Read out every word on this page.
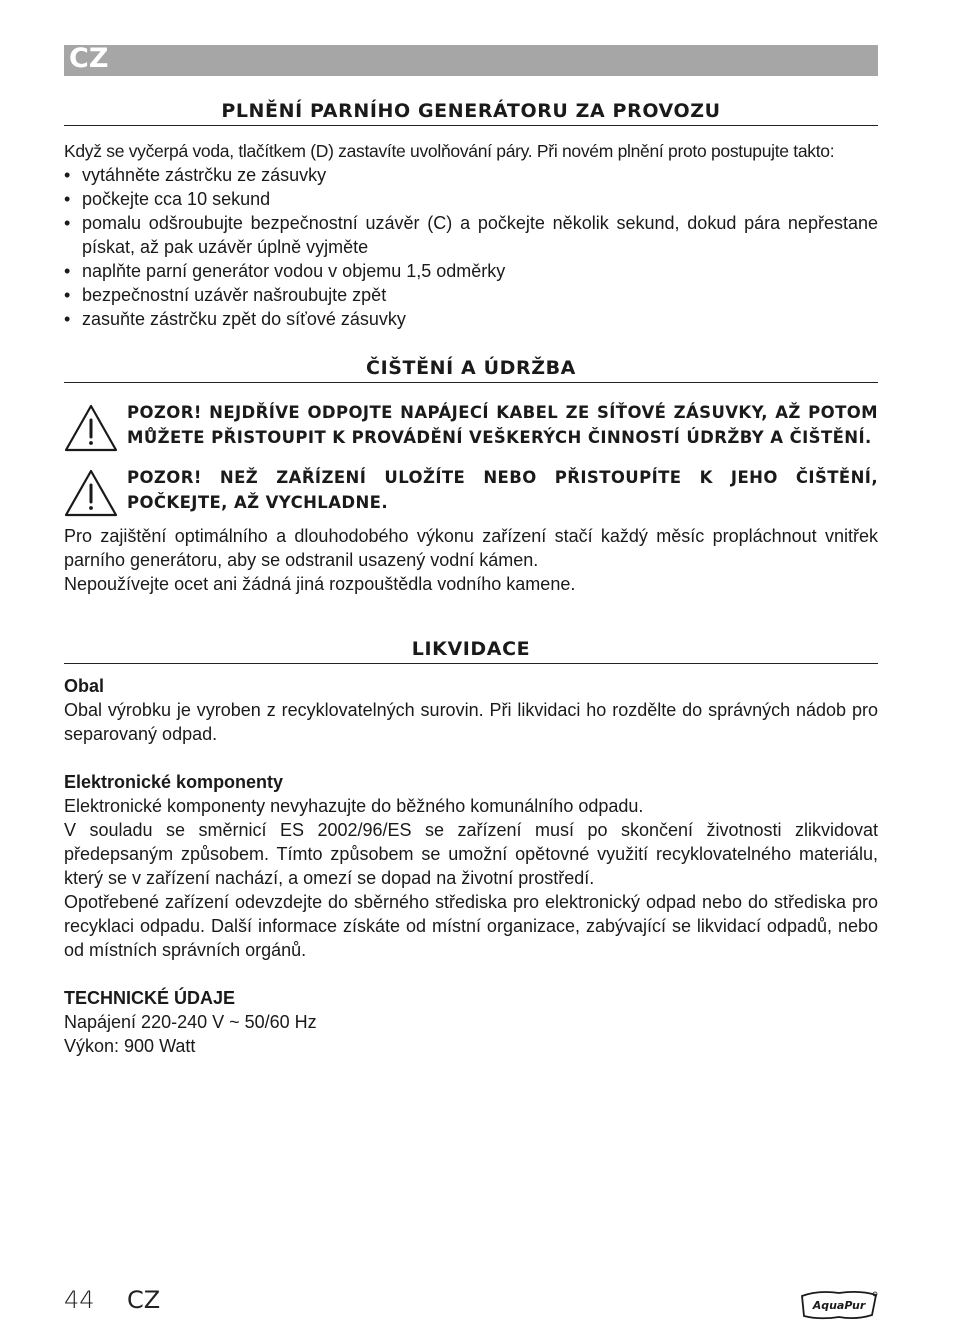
CZ
PLNĚNÍ PARNÍHO GENERÁTORU ZA PROVOZU

Když se vyčerpá voda, tlačítkem (D) zastavíte uvolňování páry. Při novém plnění proto postupujte takto:

• vytáhněte zástrčku ze zásuvky
• počkejte cca 10 sekund
• pomalu odšroubujte bezpečnostní uzávěr (C) a počkejte několik sekund, dokud pára nepřestane pískat, až pak uzávěr úplně vyjměte
• naplňte parní generátor vodou v objemu 1,5 odměrky
• bezpečnostní uzávěr našroubujte zpět
• zasuňte zástrčku zpět do síťové zásuvky
ČIŠTĚNÍ A ÚDRŽBA
POZOR! NEJDŘÍVE ODPOJTE NAPÁJECÍ KABEL ZE SÍŤOVÉ ZÁSUVKY, AŽ POTOM MŮŽETE PŘISTOUPIT K PROVÁDĚNÍ VEŠKERÝCH ČINNOSTÍ ÚDRŽBY A ČIŠTĚNÍ.
POZOR! NEŽ ZAŘÍZENÍ ULOŽÍTE NEBO PŘISTOUPÍTE K JEHO ČIŠTĚNÍ, POČKEJTE, AŽ VYCHLADNE.

Pro zajištění optimálního a dlouhodobého výkonu zařízení stačí každý měsíc propláchnout vnitřek parního generátoru, aby se odstranil usazený vodní kámen.

Nepoužívejte ocet ani žádná jiná rozpouštědla vodního kamene.

LIKVIDACE
Obal

Obal výrobku je vyroben z recyklovatelných surovin. Při likvidaci ho rozdělte do správných nádob pro separovaný odpad.

Elektronické komponenty

Elektronické komponenty nevyhazujte do běžného komunálního odpadu.

V souladu se směrnicí ES 2002/96/ES se zařízení musí po skončení životnosti zlikvidovat předepsaným způsobem. Tímto způsobem se umožní opětovné využití recyklovatelného materiálu, který se v zařízení nachází, a omezí se dopad na životní prostředí.

Opotřebené zařízení odevzdejte do sběrného střediska pro elektronický odpad nebo do střediska pro recyklaci odpadu. Další informace získáte od místní organizace, zabývající se likvidací odpadů, nebo od místních správních orgánů.

TECHNICKÉ ÚDAJE

Napájení 220-240 V ~ 50/60 Hz

Výkon: 900 Watt

44 CZ	AquaPur
